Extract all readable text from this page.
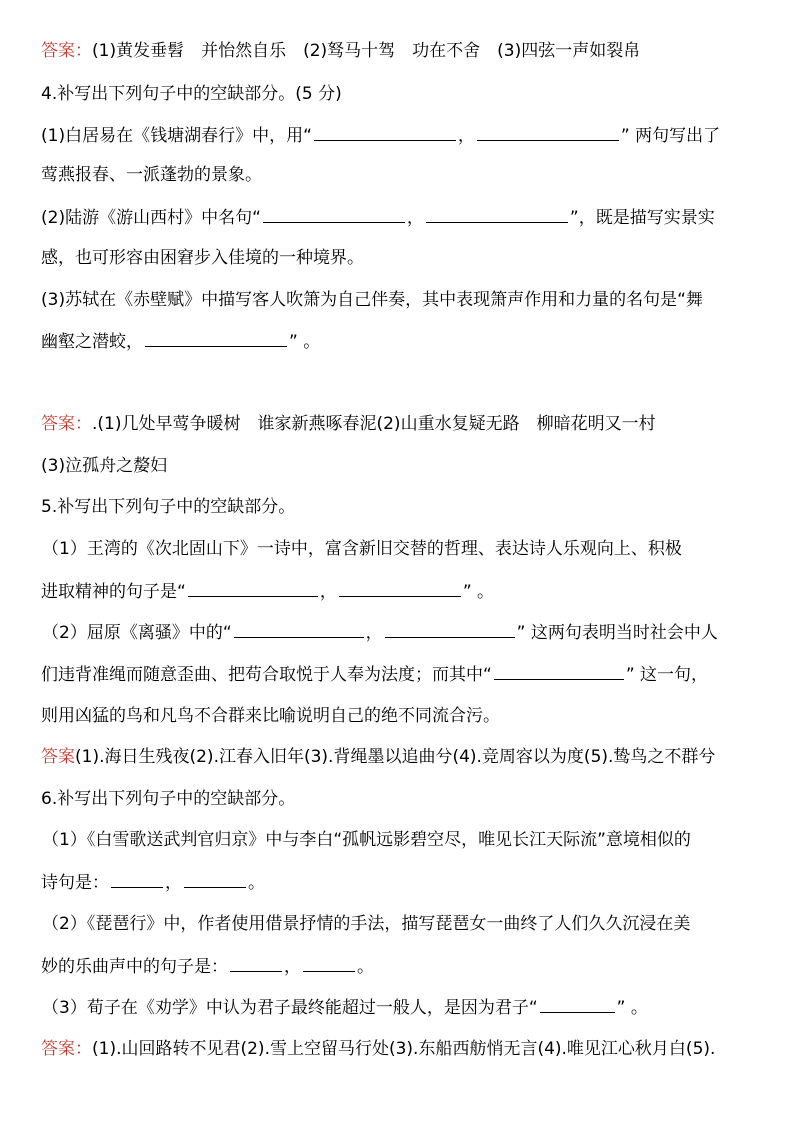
答案：(1)黄发垂髫　并怡然自乐　(2)驽马十驾　功在不舍　(3)四弦一声如裂帛
4.补写出下列句子中的空缺部分。(5 分)
(1)白居易在《钱塘湖春行》中，用“	，	” 两句写出了
莺燕报春、一派蓬勃的景象。
(2)陆游《游山西村》中名句“	，	”，既是描写实景实
感，也可形容由困窘步入佳境的一种境界。
(3)苏轼在《赤壁赋》中描写客人吹箫为自己伴奏，其中表现箫声作用和力量的名句是“舞
幽壑之潜蛟，	” 。
答案：.(1)几处早莺争暖树　谁家新燕啄春泥(2)山重水复疑无路　柳暗花明又一村
(3)泣孤舟之嫠妇
5.补写出下列句子中的空缺部分。
（1）王湾的《次北固山下》一诗中，富含新旧交替的哲理、表达诗人乐观向上、积极
进取精神的句子是“	，	” 。
（2）屈原《离骚》中的“	，	” 这两句表明当时社会中人
们违背准绳而随意歪曲、把苟合取悦于人奉为法度；而其中“	” 这一句，
则用凶猛的鸟和凡鸟不合群来比喻说明自己的绝不同流合污。
答案(1).海日生残夜(2).江春入旧年(3).背绳墨以追曲兮(4).竞周容以为度(5).鸷鸟之不群兮
6.补写出下列句子中的空缺部分。
（1）《白雪歌送武判官归京》中与李白“孤帆远影碧空尽，唯见长江天际流”意境相似的
诗句是：	，	。
（2）《琵琶行》中，作者使用借景抒情的手法，描写琵琶女一曲终了人们久久沉浸在美
妙的乐曲声中的句子是：	，	。
（3）荀子在《劝学》中认为君子最终能超过一般人，是因为君子“	” 。
答案：(1).山回路转不见君(2).雪上空留马行处(3).东船西舫悄无言(4).唯见江心秋月白(5).
